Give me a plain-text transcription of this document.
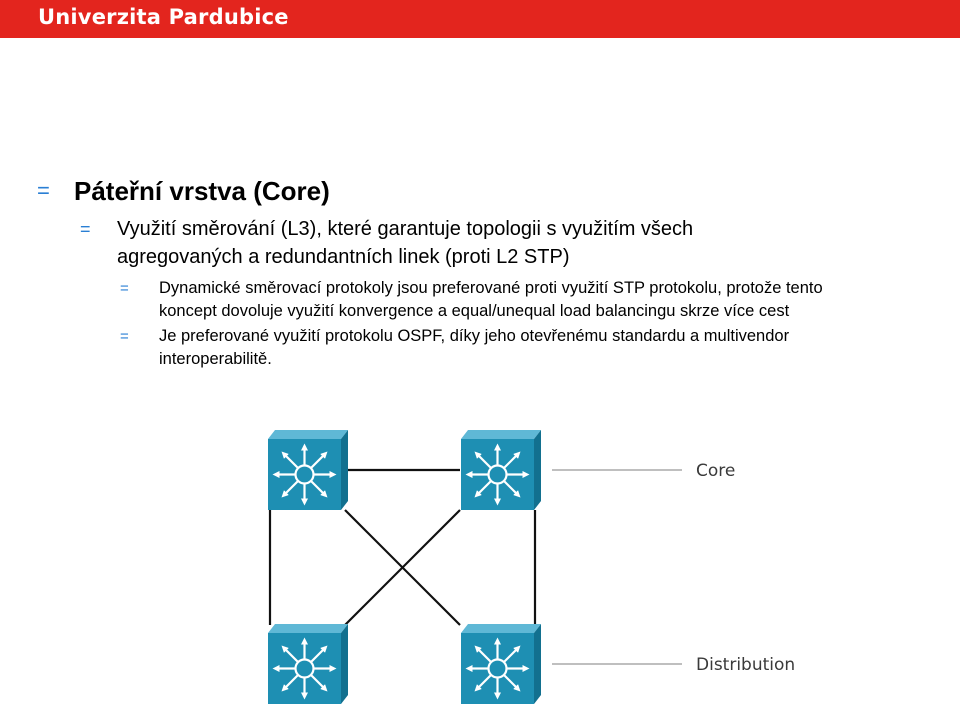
Univerzita Pardubice
= Páteřní vrstva (Core)
= Využití směrování (L3), které garantuje topologii s využitím všech
agregovaných a redundantních linek (proti L2 STP)
= Dynamické směrovací protokoly jsou preferované proti využití STP protokolu, protože tento
koncept dovoluje využití konvergence a equal/unequal load balancingu skrze více cest
= Je preferované využití protokolu OSPF, díky jeho otevřenému standardu a multivendor
interoperabilitě.
Core
Distribution
